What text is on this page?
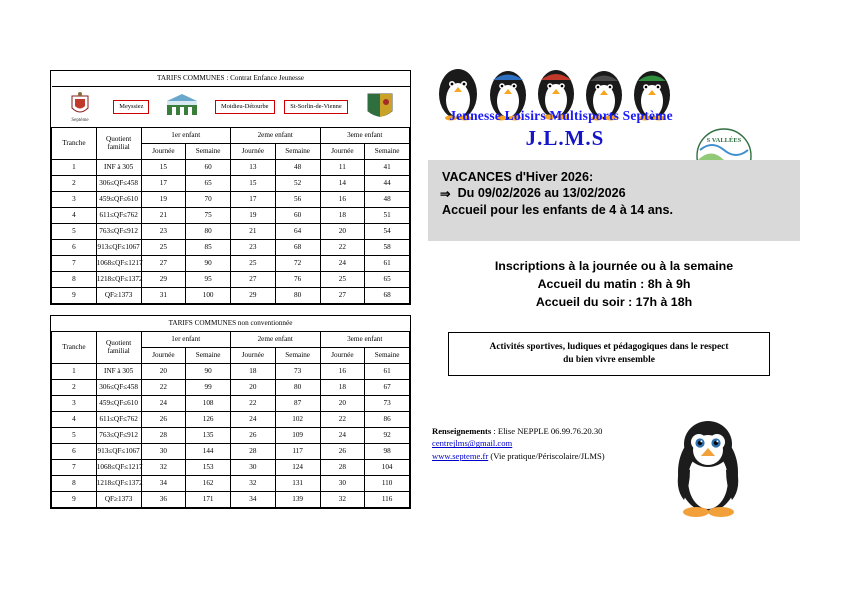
TARIFS COMMUNES : Contrat Enfance Jeunesse							

Septème
Meyssiez Moidieu-Détourbe St-Sorlin-de-Vienne							

Tranche	Quotient familial	1er enfant		2eme enfant		3eme enfant	
		Journée	Semaine	Journée	Semaine	Journée	Semaine
1	INF à 305	15	60	13	48	11	41
2	306≤QF≤458	17	65	15	52	14	44
3	459≤QF≤610	19	70	17	56	16	48
4	611≤QF≤762	21	75	19	60	18	51
5	763≤QF≤912	23	80	21	64	20	54
6	913≤QF≤1067	25	85	23	68	22	58
7	1068≤QF≤1217	27	90	25	72	24	61
8	1218≤QF≤1372	29	95	27	76	25	65
9	QF≥1373	31	100	29	80	27	68
TARIFS COMMUNES non conventionnée							
Tranche	Quotient familial	1er enfant		2eme enfant		3eme enfant	
		Journée	Semaine	Journée	Semaine	Journée	Semaine
1	INF à 305	20	90	18	73	16	61
2	306≤QF≤458	22	99	20	80	18	67
3	459≤QF≤610	24	108	22	87	20	73
4	611≤QF≤762	26	126	24	102	22	86
5	763≤QF≤912	28	135	26	109	24	92
6	913≤QF≤1067	30	144	28	117	26	98
7	1068≤QF≤1217	32	153	30	124	28	104
8	1218≤QF≤1372	34	162	32	131	30	110
9	QF≥1373	36	171	34	139	32	116
Jeunesse Loisirs Multisports Septème
J.L.M.S	S VALLÉES
VACANCES d'Hiver 2026:
⇒ Du 09/02/2026 au 13/02/2026
Accueil pour les enfants de 4 à 14 ans.
Inscriptions à la journée ou à la semaine
Accueil du matin : 8h à 9h
Accueil du soir : 17h à 18h
Activités sportives, ludiques et pédagogiques dans le respect
du bien vivre ensemble
Renseignements : Elise NEPPLE 06.99.76.20.30
centrejlms@gmail.com
www.septeme.fr (Vie pratique/Périscolaire/JLMS)
